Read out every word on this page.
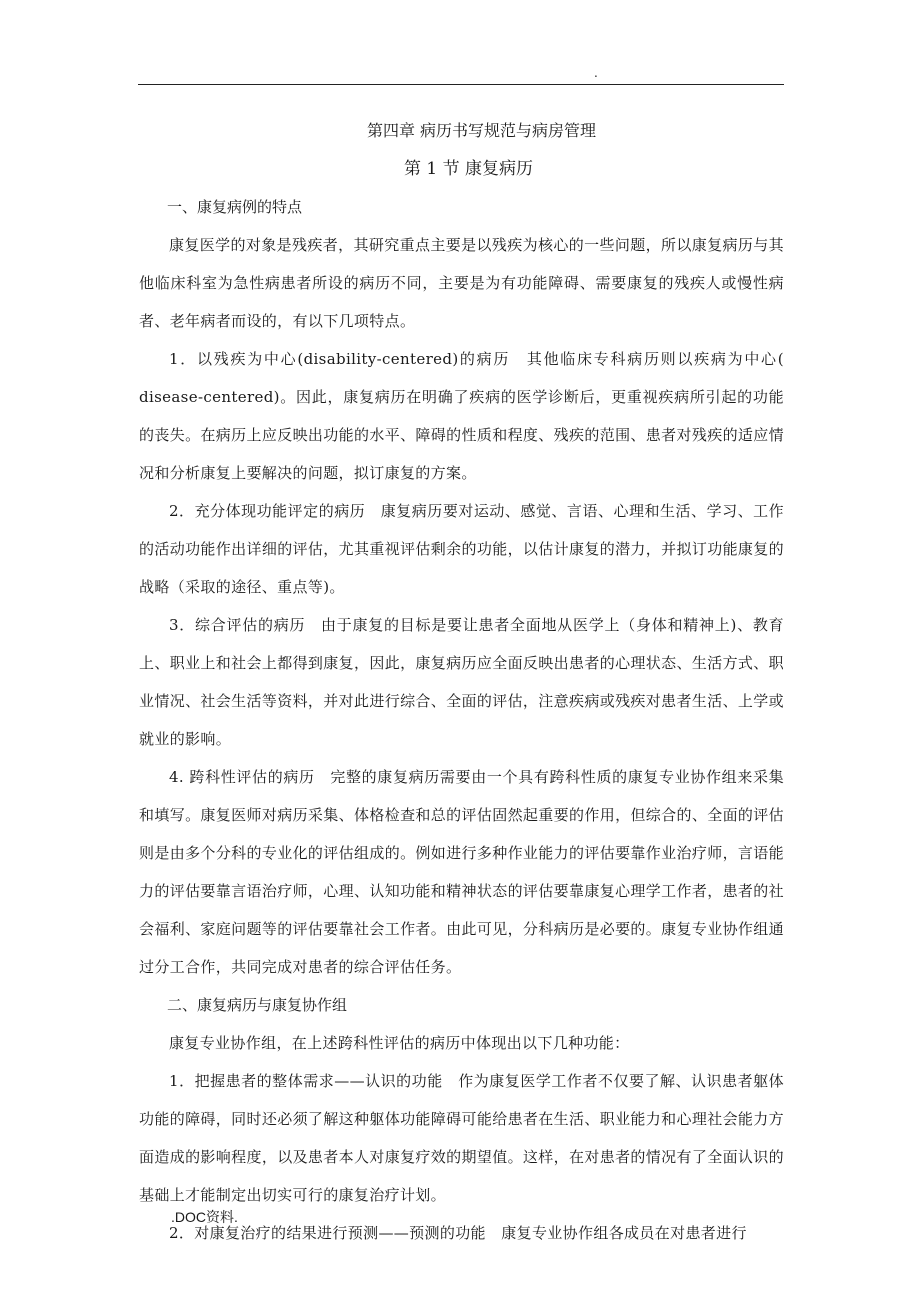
.

第四章 病历书写规范与病房管理

第 1 节 康复病历

一、康复病例的特点

康复医学的对象是残疾者，其研究重点主要是以残疾为核心的一些问题，所以康复病历与其他临床科室为急性病患者所设的病历不同，主要是为有功能障碍、需要康复的残疾人或慢性病者、老年病者而设的，有以下几项特点。

1．以残疾为中心(disability-centered)的病历　其他临床专科病历则以疾病为中心( disease-centered)。因此，康复病历在明确了疾病的医学诊断后，更重视疾病所引起的功能的丧失。在病历上应反映出功能的水平、障碍的性质和程度、残疾的范围、患者对残疾的适应情况和分析康复上要解决的问题，拟订康复的方案。

2．充分体现功能评定的病历　康复病历要对运动、感觉、言语、心理和生活、学习、工作的活动功能作出详细的评估，尤其重视评估剩余的功能，以估计康复的潜力，并拟订功能康复的战略（采取的途径、重点等)。

3．综合评估的病历　由于康复的目标是要让患者全面地从医学上（身体和精神上)、教育上、职业上和社会上都得到康复，因此，康复病历应全面反映出患者的心理状态、生活方式、职业情况、社会生活等资料，并对此进行综合、全面的评估，注意疾病或残疾对患者生活、上学或就业的影响。

4. 跨科性评估的病历　完整的康复病历需要由一个具有跨科性质的康复专业协作组来采集和填写。康复医师对病历采集、体格检查和总的评估固然起重要的作用，但综合的、全面的评估则是由多个分科的专业化的评估组成的。例如进行多种作业能力的评估要靠作业治疗师，言语能力的评估要靠言语治疗师，心理、认知功能和精神状态的评估要靠康复心理学工作者，患者的社会福利、家庭问题等的评估要靠社会工作者。由此可见，分科病历是必要的。康复专业协作组通过分工合作，共同完成对患者的综合评估任务。

二、康复病历与康复协作组

康复专业协作组，在上述跨科性评估的病历中体现出以下几种功能：

1．把握患者的整体需求——认识的功能　作为康复医学工作者不仅要了解、认识患者躯体功能的障碍，同时还必须了解这种躯体功能障碍可能给患者在生活、职业能力和心理社会能力方面造成的影响程度，以及患者本人对康复疗效的期望值。这样，在对患者的情况有了全面认识的基础上才能制定出切实可行的康复治疗计划。

2．对康复治疗的结果进行预测——预测的功能　康复专业协作组各成员在对患者进行

.DOC资料.
